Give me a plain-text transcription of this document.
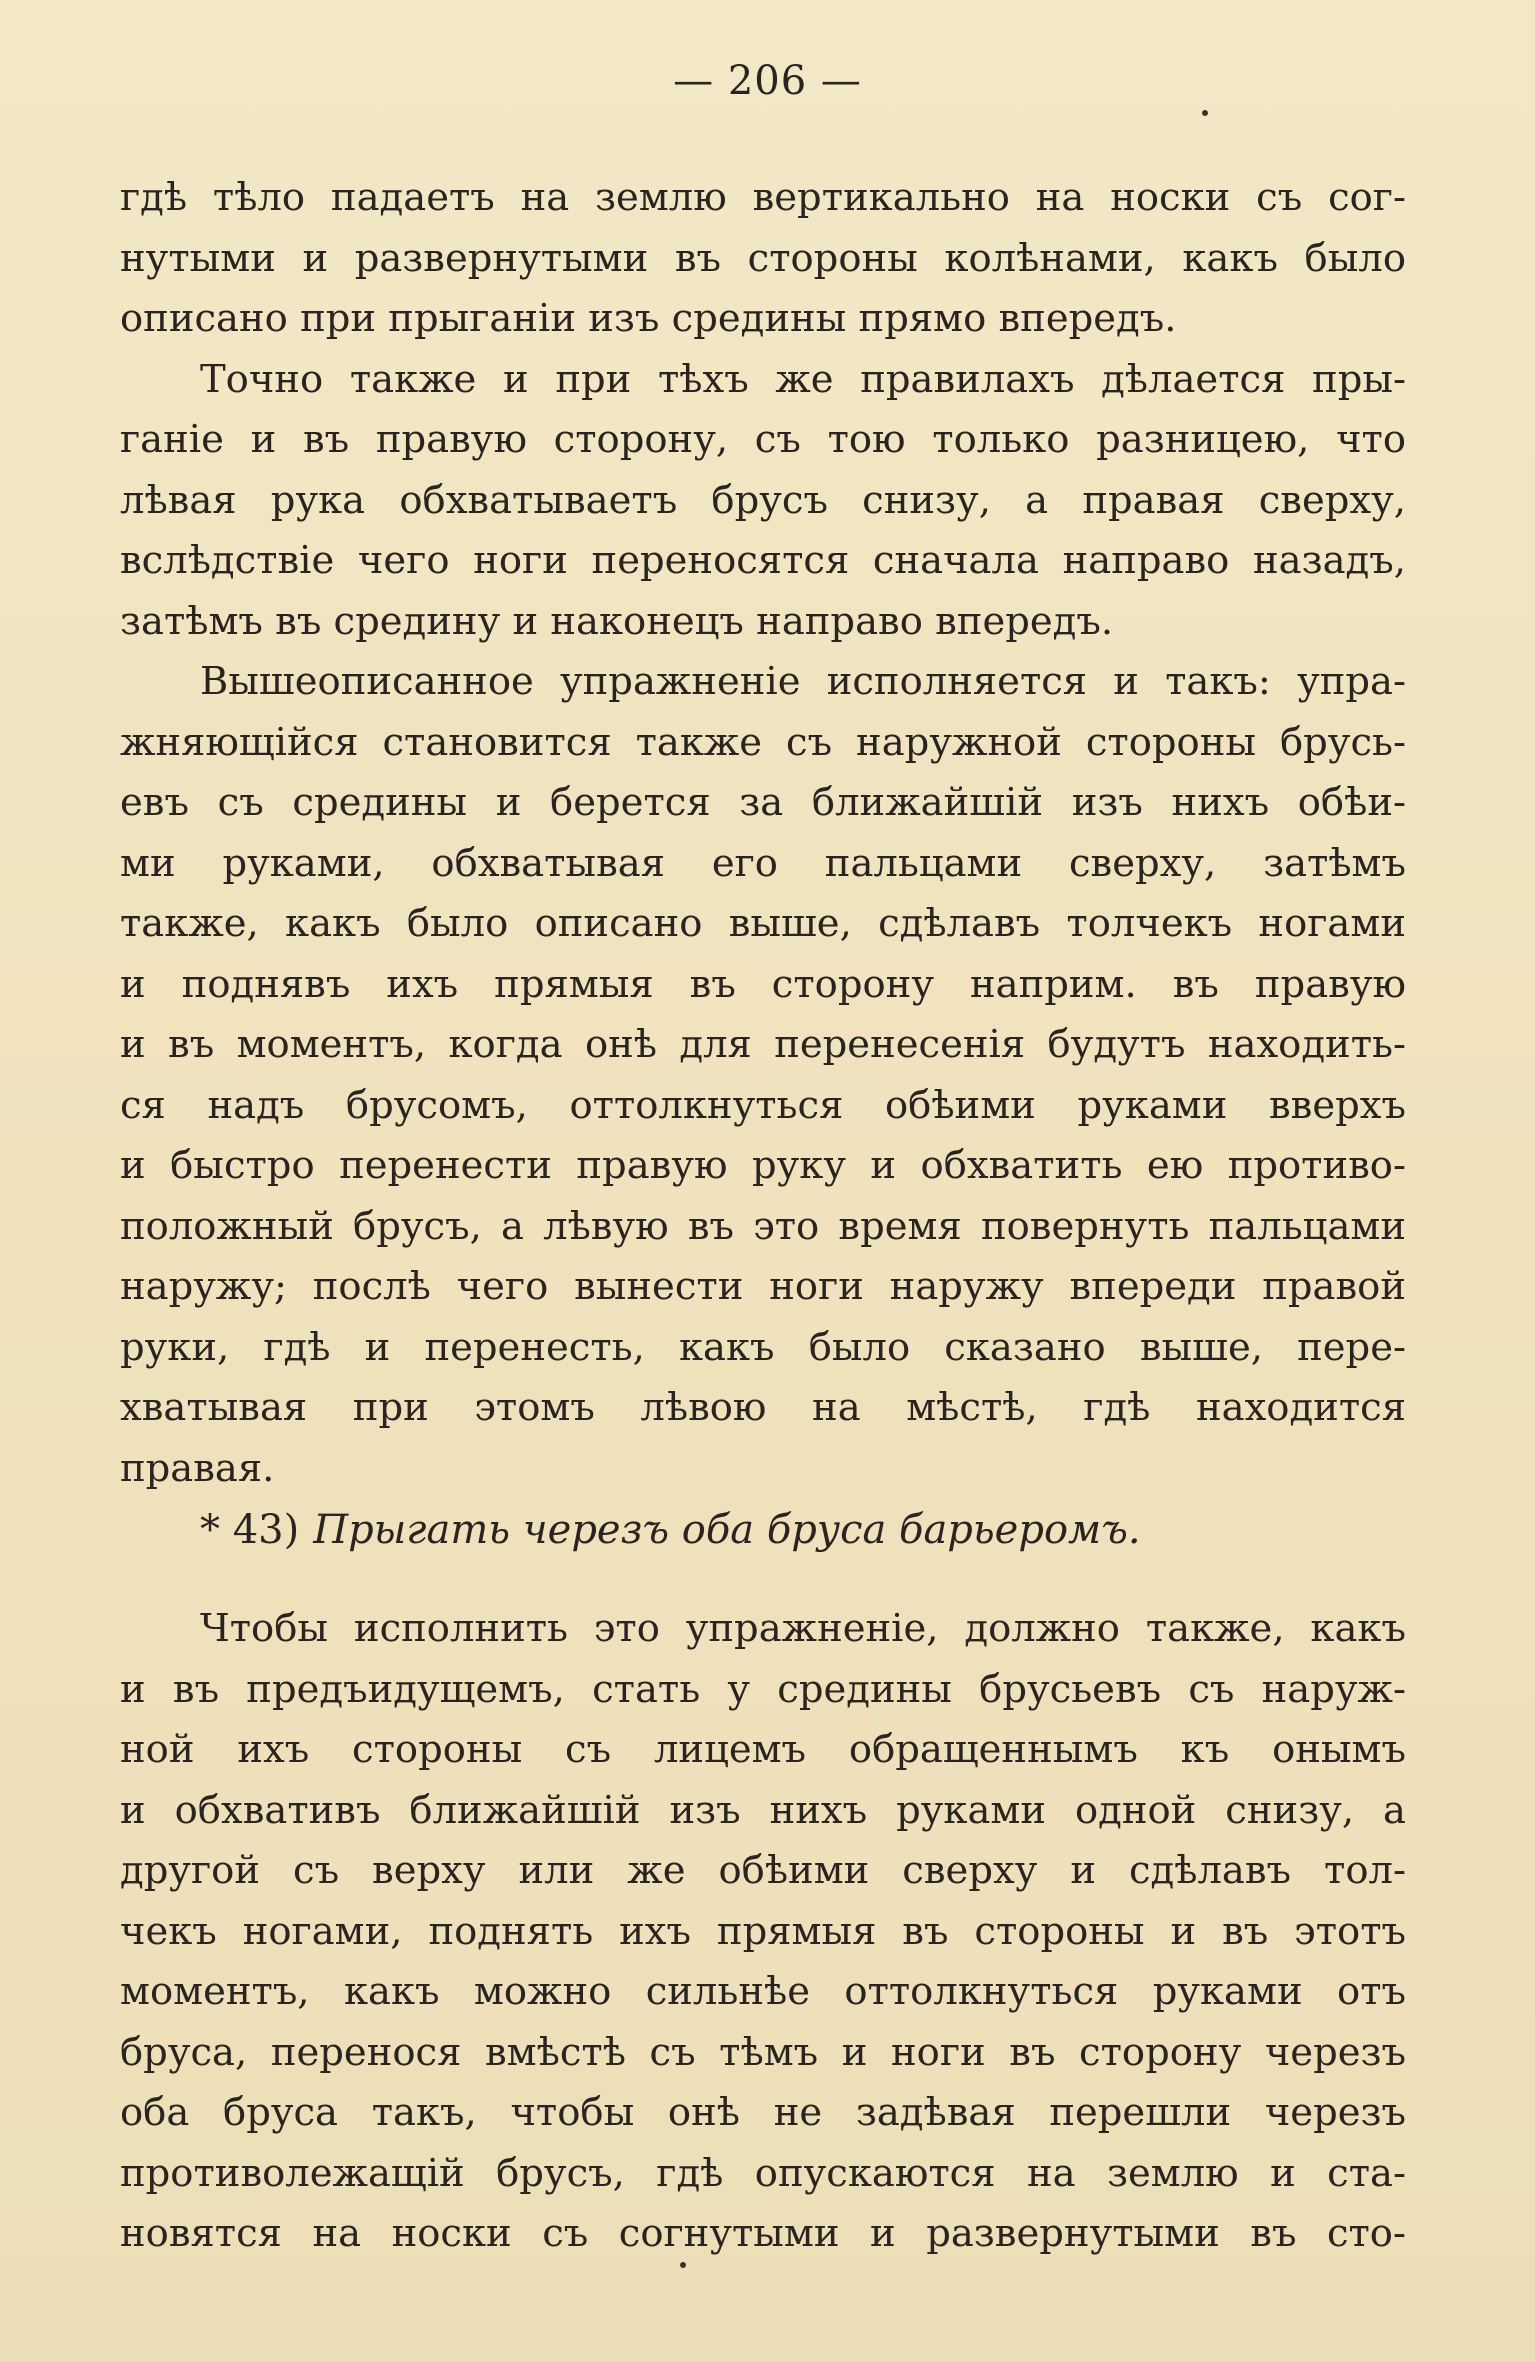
— 206 —
гдѣ тѣло падаетъ на землю вертикально на носки съ сог-
нутыми и развернутыми въ стороны колѣнами, какъ было
описано при прыганіи изъ средины прямо впередъ.
Точно также и при тѣхъ же правилахъ дѣлается пры-
ганіе и въ правую сторону, съ тою только разницею, что
лѣвая рука обхватываетъ брусъ снизу, а правая сверху,
вслѣдствіе чего ноги переносятся сначала направо назадъ,
затѣмъ въ средину и наконецъ направо впередъ.
Вышеописанное упражненіе исполняется и такъ: упра-
жняющійся становится также съ наружной стороны брусь-
евъ съ средины и берется за ближайшій изъ нихъ обѣи-
ми руками, обхватывая его пальцами сверху, затѣмъ
также, какъ было описано выше, сдѣлавъ толчекъ ногами
и поднявъ ихъ прямыя въ сторону наприм. въ правую
и въ моментъ, когда онѣ для перенесенія будутъ находить-
ся надъ брусомъ, оттолкнуться обѣими руками вверхъ
и быстро перенести правую руку и обхватить ею противо-
положный брусъ, а лѣвую въ это время повернуть пальцами
наружу; послѣ чего вынести ноги наружу впереди правой
руки, гдѣ и перенесть, какъ было сказано выше, пере-
хватывая при этомъ лѣвою на мѣстѣ, гдѣ находится
правая.
* 43) Прыгать черезъ оба бруса барьеромъ.
Чтобы исполнить это упражненіе, должно также, какъ
и въ предъидущемъ, стать у средины брусьевъ съ наруж-
ной ихъ стороны съ лицемъ обращеннымъ къ онымъ
и обхвативъ ближайшій изъ нихъ руками одной снизу, а
другой съ верху или же обѣими сверху и сдѣлавъ тол-
чекъ ногами, поднять ихъ прямыя въ стороны и въ этотъ
моментъ, какъ можно сильнѣе оттолкнуться руками отъ
бруса, перенося вмѣстѣ съ тѣмъ и ноги въ сторону черезъ
оба бруса такъ, чтобы онѣ не задѣвая перешли черезъ
противолежащій брусъ, гдѣ опускаются на землю и ста-
новятся на носки съ согнутыми и развернутыми въ сто-
